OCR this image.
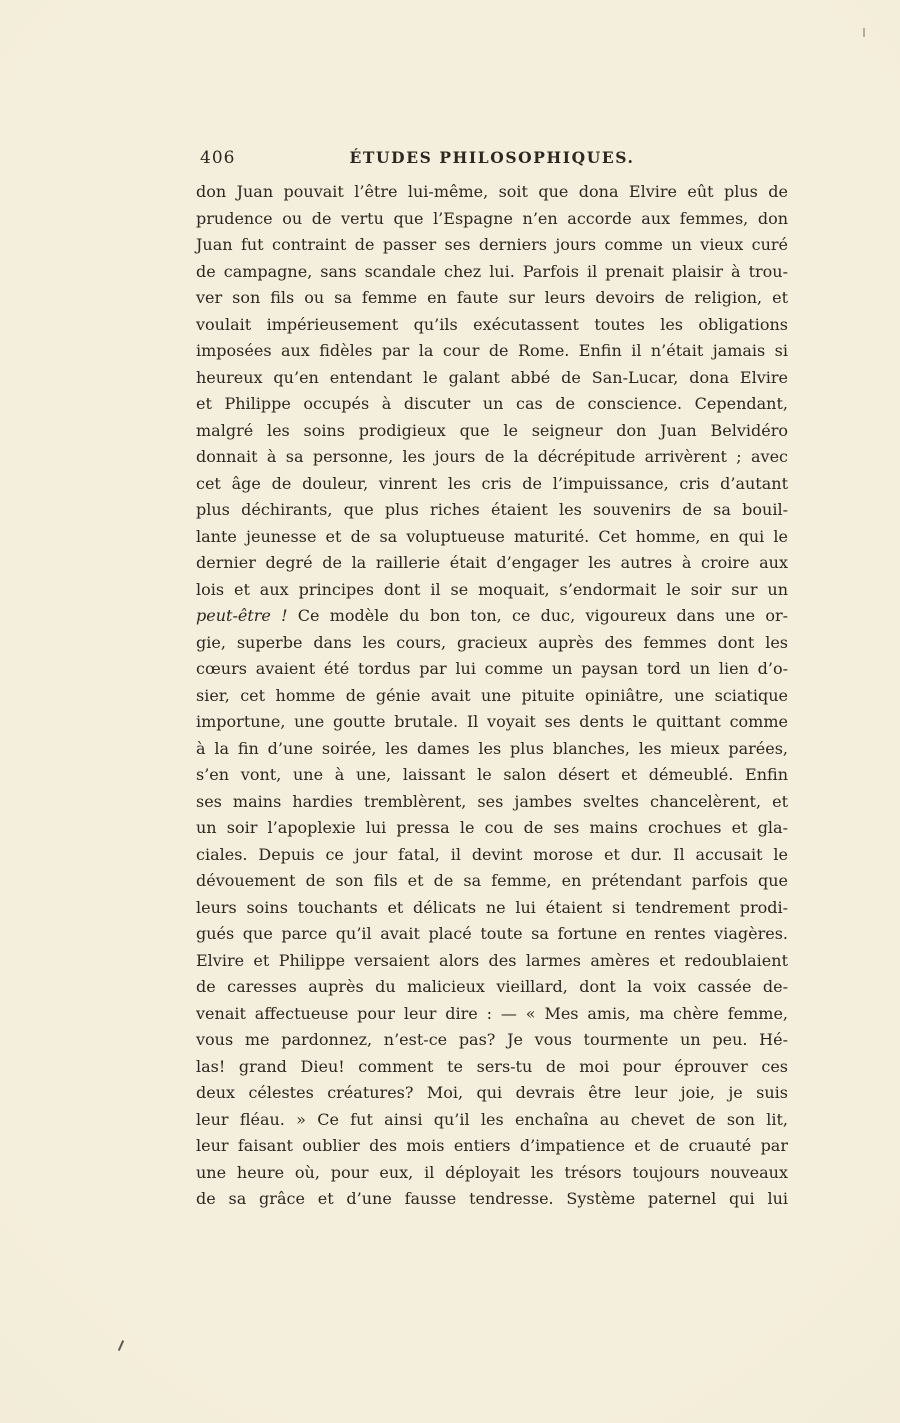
406	ÉTUDES PHILOSOPHIQUES.
don Juan pouvait l’être lui-même, soit que dona Elvire eût plus de
prudence ou de vertu que l’Espagne n’en accorde aux femmes, don
Juan fut contraint de passer ses derniers jours comme un vieux curé
de campagne, sans scandale chez lui. Parfois il prenait plaisir à trou-
ver son fils ou sa femme en faute sur leurs devoirs de religion, et
voulait impérieusement qu’ils exécutassent toutes les obligations
imposées aux fidèles par la cour de Rome. Enfin il n’était jamais si
heureux qu’en entendant le galant abbé de San-Lucar, dona Elvire
et Philippe occupés à discuter un cas de conscience. Cependant,
malgré les soins prodigieux que le seigneur don Juan Belvidéro
donnait à sa personne, les jours de la décrépitude arrivèrent ; avec
cet âge de douleur, vinrent les cris de l’impuissance, cris d’autant
plus déchirants, que plus riches étaient les souvenirs de sa bouil-
lante jeunesse et de sa voluptueuse maturité. Cet homme, en qui le
dernier degré de la raillerie était d’engager les autres à croire aux
lois et aux principes dont il se moquait, s’endormait le soir sur un
peut-être ! Ce modèle du bon ton, ce duc, vigoureux dans une or-
gie, superbe dans les cours, gracieux auprès des femmes dont les
cœurs avaient été tordus par lui comme un paysan tord un lien d’o-
sier, cet homme de génie avait une pituite opiniâtre, une sciatique
importune, une goutte brutale. Il voyait ses dents le quittant comme
à la fin d’une soirée, les dames les plus blanches, les mieux parées,
s’en vont, une à une, laissant le salon désert et démeublé. Enfin
ses mains hardies tremblèrent, ses jambes sveltes chancelèrent, et
un soir l’apoplexie lui pressa le cou de ses mains crochues et gla-
ciales. Depuis ce jour fatal, il devint morose et dur. Il accusait le
dévouement de son fils et de sa femme, en prétendant parfois que
leurs soins touchants et délicats ne lui étaient si tendrement prodi-
gués que parce qu’il avait placé toute sa fortune en rentes viagères.
Elvire et Philippe versaient alors des larmes amères et redoublaient
de caresses auprès du malicieux vieillard, dont la voix cassée de-
venait affectueuse pour leur dire : — « Mes amis, ma chère femme,
vous me pardonnez, n’est-ce pas? Je vous tourmente un peu. Hé-
las! grand Dieu! comment te sers-tu de moi pour éprouver ces
deux célestes créatures? Moi, qui devrais être leur joie, je suis
leur fléau. » Ce fut ainsi qu’il les enchaîna au chevet de son lit,
leur faisant oublier des mois entiers d’impatience et de cruauté par
une heure où, pour eux, il déployait les trésors toujours nouveaux
de sa grâce et d’une fausse tendresse. Système paternel qui lui
